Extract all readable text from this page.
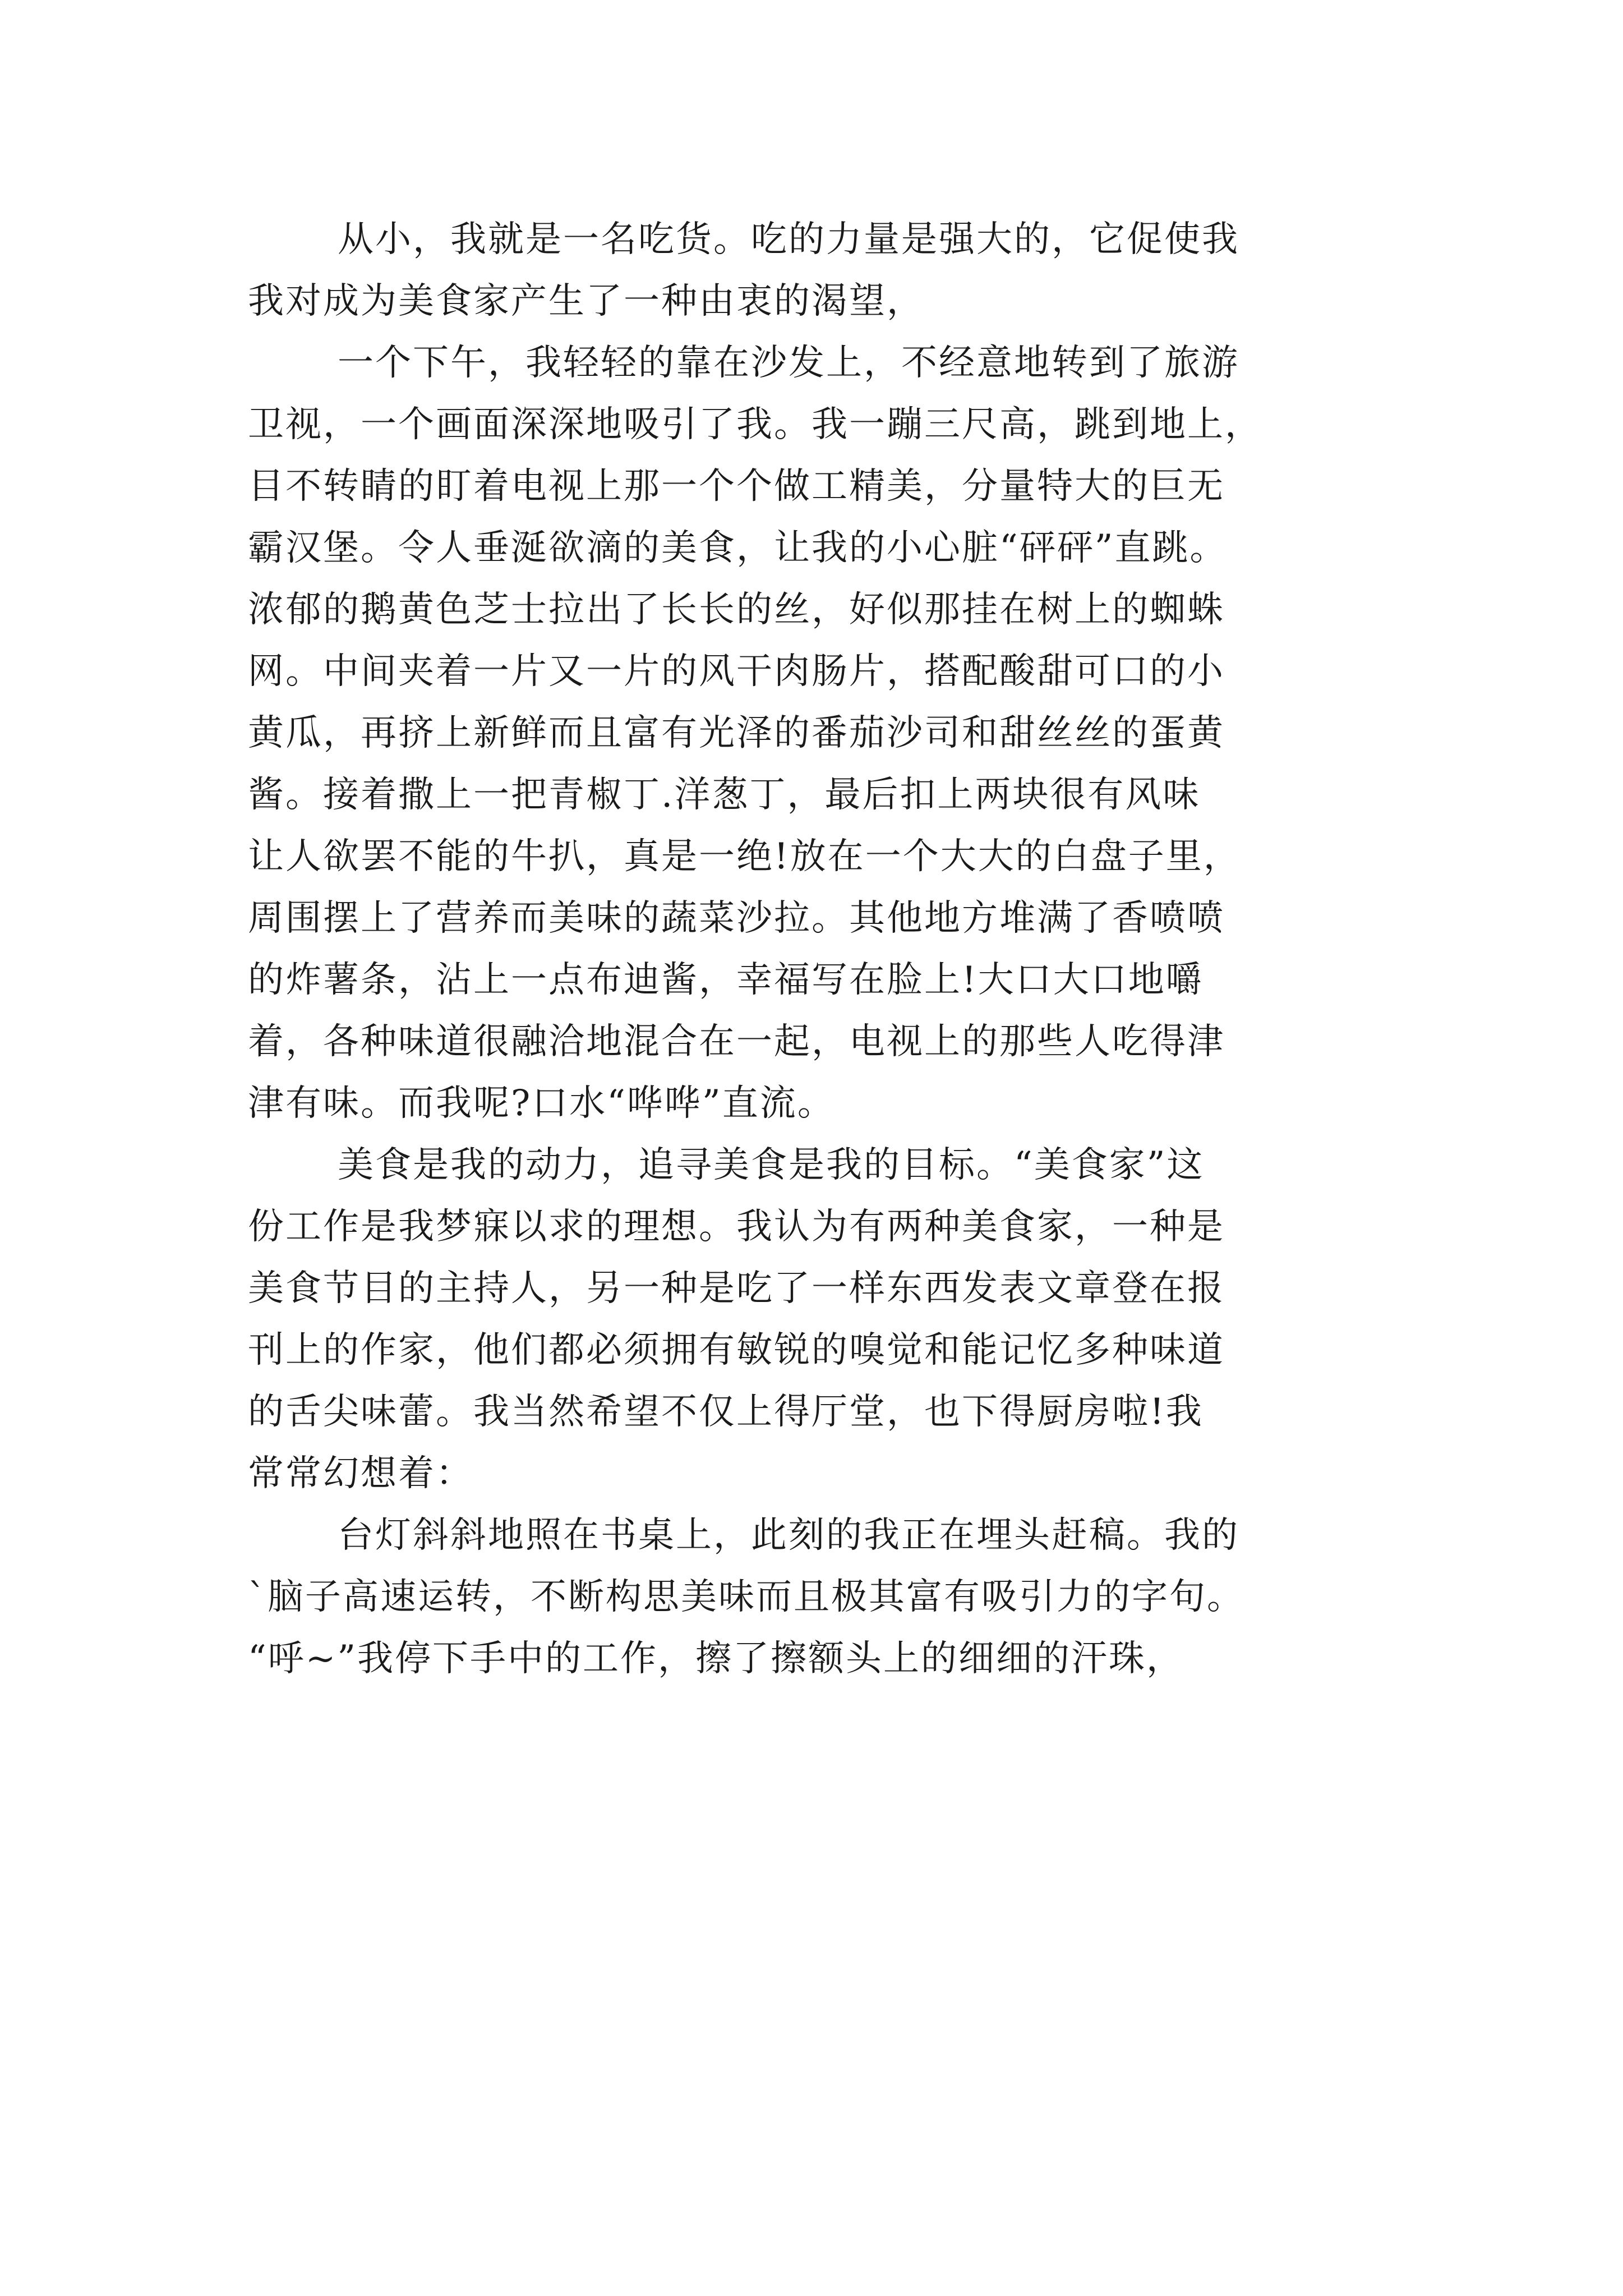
从小，我就是一名吃货。吃的力量是强大的，它促使我
我对成为美食家产生了一种由衷的渴望，
一个下午，我轻轻的靠在沙发上，不经意地转到了旅游
卫视，一个画面深深地吸引了我。我一蹦三尺高，跳到地上，
目不转睛的盯着电视上那一个个做工精美，分量特大的巨无
霸汉堡。令人垂涎欲滴的美食，让我的小心脏“砰砰”直跳。
浓郁的鹅黄色芝士拉出了长长的丝，好似那挂在树上的蜘蛛
网。中间夹着一片又一片的风干肉肠片，搭配酸甜可口的小
黄瓜，再挤上新鲜而且富有光泽的番茄沙司和甜丝丝的蛋黄
酱。接着撒上一把青椒丁.洋葱丁，最后扣上两块很有风味
让人欲罢不能的牛扒，真是一绝!放在一个大大的白盘子里，
周围摆上了营养而美味的蔬菜沙拉。其他地方堆满了香喷喷
的炸薯条，沾上一点布迪酱，幸福写在脸上!大口大口地嚼
着，各种味道很融洽地混合在一起，电视上的那些人吃得津
津有味。而我呢?口水“哗哗”直流。
美食是我的动力，追寻美食是我的目标。“美食家”这
份工作是我梦寐以求的理想。我认为有两种美食家，一种是
美食节目的主持人，另一种是吃了一样东西发表文章登在报
刊上的作家，他们都必须拥有敏锐的嗅觉和能记忆多种味道
的舌尖味蕾。我当然希望不仅上得厅堂，也下得厨房啦!我
常常幻想着：
台灯斜斜地照在书桌上，此刻的我正在埋头赶稿。我的
`脑子高速运转，不断构思美味而且极其富有吸引力的字句。
“呼~”我停下手中的工作，擦了擦额头上的细细的汗珠，
